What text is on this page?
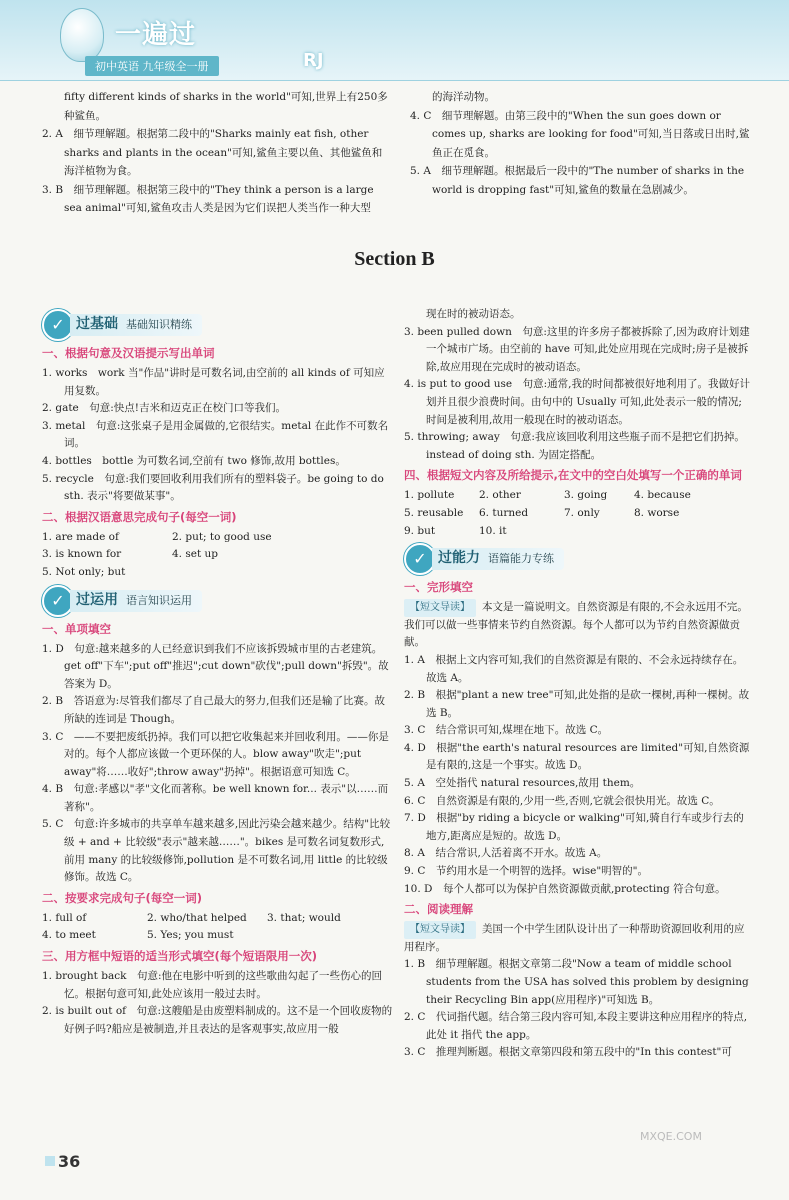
一遍过
初中英语 九年级全一册	RJ

fifty different kinds of sharks in the world"可知,世界上有250多种鲨鱼。

2. A　细节理解题。根据第二段中的"Sharks mainly eat fish, other sharks and plants in the ocean"可知,鲨鱼主要以鱼、其他鲨鱼和海洋植物为食。

3. B　细节理解题。根据第三段中的"They think a person is a large sea animal"可知,鲨鱼攻击人类是因为它们误把人类当作一种大型

的海洋动物。

4. C　细节理解题。由第三段中的"When the sun goes down or comes up, sharks are looking for food"可知,当日落或日出时,鲨鱼正在觅食。

5. A　细节理解题。根据最后一段中的"The number of sharks in the world is dropping fast"可知,鲨鱼的数量在急剧减少。

Section B
✓ 过基础 基础知识精练
一、根据句意及汉语提示写出单词

1. works　work 当"作品"讲时是可数名词,由空前的 all kinds of 可知应用复数。

2. gate　句意:快点!吉米和迈克正在校门口等我们。

3. metal　句意:这张桌子是用金属做的,它很结实。metal 在此作不可数名词。

4. bottles　bottle 为可数名词,空前有 two 修饰,故用 bottles。

5. recycle　句意:我们要回收利用我们所有的塑料袋子。be going to do sth. 表示"将要做某事"。

二、根据汉语意思完成句子(每空一词)
1. are made of	2. put; to good use
3. is known for	4. set up
5. Not only; but
✓ 过运用 语言知识运用
一、单项填空

1. D　句意:越来越多的人已经意识到我们不应该拆毁城市里的古老建筑。get off"下车";put off"推迟";cut down"砍伐";pull down"拆毁"。故答案为 D。

2. B　答语意为:尽管我们都尽了自己最大的努力,但我们还是输了比赛。故所缺的连词是 Though。

3. C　——不要把废纸扔掉。我们可以把它收集起来并回收利用。——你是对的。每个人都应该做一个更环保的人。blow away"吹走";put away"将……收好";throw away"扔掉"。根据语意可知选 C。

4. B　句意:孝感以"孝"文化而著称。be well known for... 表示"以……而著称"。

5. C　句意:许多城市的共享单车越来越多,因此污染会越来越少。结构"比较级 + and + 比较级"表示"越来越……"。bikes 是可数名词复数形式,前用 many 的比较级修饰,pollution 是不可数名词,用 little 的比较级修饰。故选 C。

二、按要求完成句子(每空一词)
1. full of	2. who/that helped	3. that; would
4. to meet	5. Yes; you must
三、用方框中短语的适当形式填空(每个短语限用一次)

1. brought back　句意:他在电影中听到的这些歌曲勾起了一些伤心的回忆。根据句意可知,此处应该用一般过去时。

2. is built out of　句意:这艘船是由废塑料制成的。这不是一个回收废物的好例子吗?船应是被制造,并且表达的是客观事实,故应用一般

现在时的被动语态。

3. been pulled down　句意:这里的许多房子都被拆除了,因为政府计划建一个城市广场。由空前的 have 可知,此处应用现在完成时;房子是被拆除,故应用现在完成时的被动语态。

4. is put to good use　句意:通常,我的时间都被很好地利用了。我做好计划并且很少浪费时间。由句中的 Usually 可知,此处表示一般的情况;时间是被利用,故用一般现在时的被动语态。

5. throwing; away　句意:我应该回收利用这些瓶子而不是把它们扔掉。instead of doing sth. 为固定搭配。

四、根据短文内容及所给提示,在文中的空白处填写一个正确的单词
1. pollute	2. other	3. going	4. because
5. reusable	6. turned	7. only	8. worse
9. but	10. it
✓ 过能力 语篇能力专练
一、完形填空

【短文导读】 本文是一篇说明文。自然资源是有限的,不会永远用不完。我们可以做一些事情来节约自然资源。每个人都可以为节约自然资源做贡献。

1. A　根据上文内容可知,我们的自然资源是有限的、不会永远持续存在。故选 A。

2. B　根据"plant a new tree"可知,此处指的是砍一棵树,再种一棵树。故选 B。

3. C　结合常识可知,煤埋在地下。故选 C。

4. D　根据"the earth's natural resources are limited"可知,自然资源是有限的,这是一个事实。故选 D。

5. A　空处指代 natural resources,故用 them。

6. C　自然资源是有限的,少用一些,否则,它就会很快用光。故选 C。

7. D　根据"by riding a bicycle or walking"可知,骑自行车或步行去的地方,距离应是短的。故选 D。

8. A　结合常识,人活着离不开水。故选 A。

9. C　节约用水是一个明智的选择。wise"明智的"。

10. D　每个人都可以为保护自然资源做贡献,protecting 符合句意。

二、阅读理解

【短文导读】 美国一个中学生团队设计出了一种帮助资源回收利用的应用程序。

1. B　细节理解题。根据文章第二段"Now a team of middle school students from the USA has solved this problem by designing their Recycling Bin app(应用程序)"可知选 B。

2. C　代词指代题。结合第三段内容可知,本段主要讲这种应用程序的特点,此处 it 指代 the app。

3. C　推理判断题。根据文章第四段和第五段中的"In this contest"可

36
MXQE.COM
